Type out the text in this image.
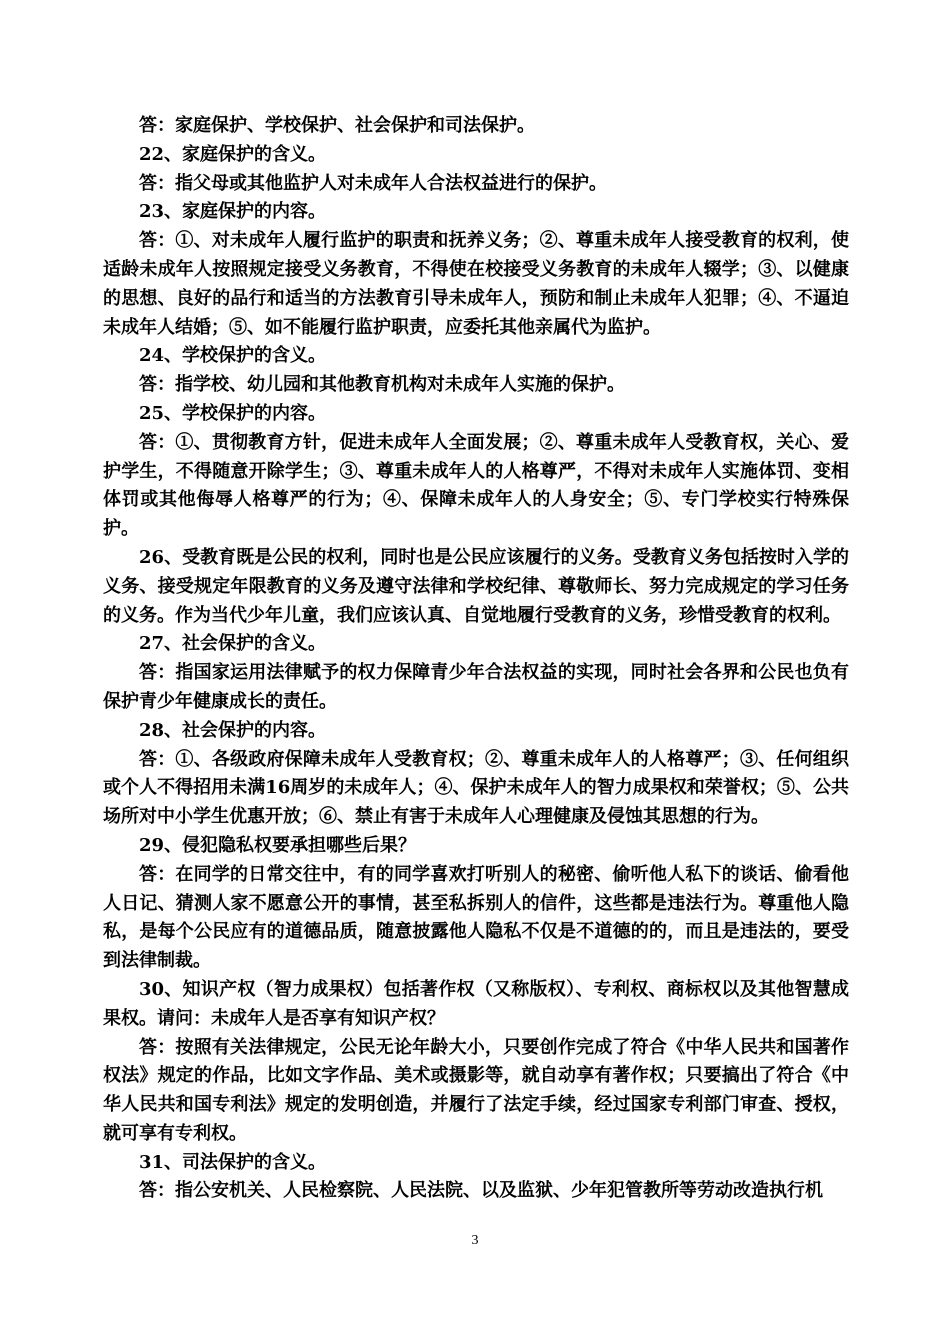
答：家庭保护、学校保护、社会保护和司法保护。

22、家庭保护的含义。

答：指父母或其他监护人对未成年人合法权益进行的保护。

23、家庭保护的内容。

答：①、对未成年人履行监护的职责和抚养义务；②、尊重未成年人接受教育的权利，使适龄未成年人按照规定接受义务教育，不得使在校接受义务教育的未成年人辍学；③、以健康的思想、良好的品行和适当的方法教育引导未成年人，预防和制止未成年人犯罪；④、不逼迫未成年人结婚；⑤、如不能履行监护职责，应委托其他亲属代为监护。

24、学校保护的含义。

答：指学校、幼儿园和其他教育机构对未成年人实施的保护。

25、学校保护的内容。

答：①、贯彻教育方针，促进未成年人全面发展；②、尊重未成年人受教育权，关心、爱护学生，不得随意开除学生；③、尊重未成年人的人格尊严，不得对未成年人实施体罚、变相体罚或其他侮辱人格尊严的行为；④、保障未成年人的人身安全；⑤、专门学校实行特殊保护。

26、受教育既是公民的权利，同时也是公民应该履行的义务。受教育义务包括按时入学的义务、接受规定年限教育的义务及遵守法律和学校纪律、尊敬师长、努力完成规定的学习任务的义务。作为当代少年儿童，我们应该认真、自觉地履行受教育的义务，珍惜受教育的权利。

27、社会保护的含义。

答：指国家运用法律赋予的权力保障青少年合法权益的实现，同时社会各界和公民也负有保护青少年健康成长的责任。

28、社会保护的内容。

答：①、各级政府保障未成年人受教育权；②、尊重未成年人的人格尊严；③、任何组织或个人不得招用未满16周岁的未成年人；④、保护未成年人的智力成果权和荣誉权；⑤、公共场所对中小学生优惠开放；⑥、禁止有害于未成年人心理健康及侵蚀其思想的行为。

29、侵犯隐私权要承担哪些后果？

答：在同学的日常交往中，有的同学喜欢打听别人的秘密、偷听他人私下的谈话、偷看他人日记、猜测人家不愿意公开的事情，甚至私拆别人的信件，这些都是违法行为。尊重他人隐私，是每个公民应有的道德品质，随意披露他人隐私不仅是不道德的的，而且是违法的，要受到法律制裁。

30、知识产权（智力成果权）包括著作权（又称版权）、专利权、商标权以及其他智慧成果权。请问：未成年人是否享有知识产权？

答：按照有关法律规定，公民无论年龄大小，只要创作完成了符合《中华人民共和国著作权法》规定的作品，比如文字作品、美术或摄影等，就自动享有著作权；只要搞出了符合《中华人民共和国专利法》规定的发明创造，并履行了法定手续，经过国家专利部门审查、授权，就可享有专利权。

31、司法保护的含义。

答：指公安机关、人民检察院、人民法院、以及监狱、少年犯管教所等劳动改造执行机

3
